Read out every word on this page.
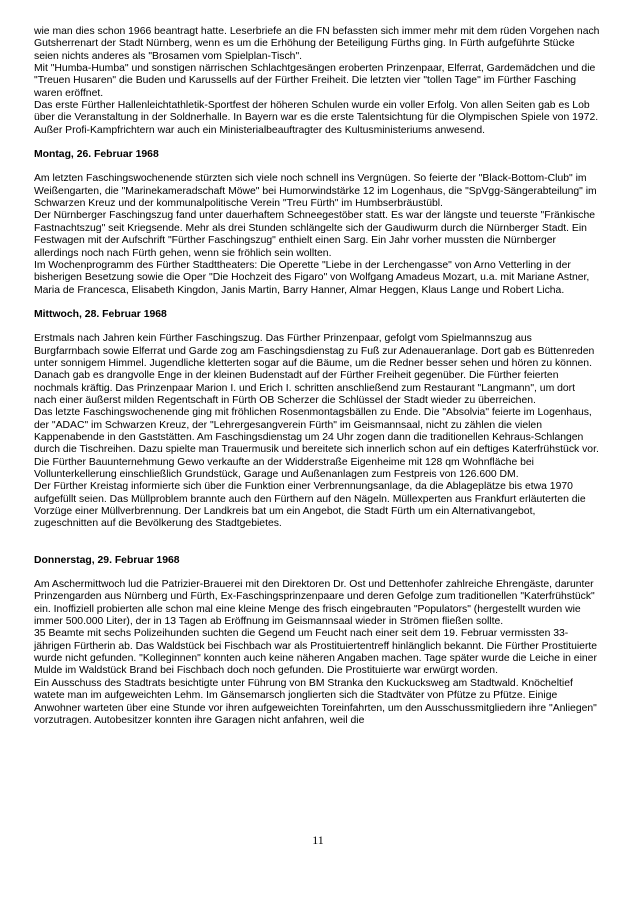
wie man dies schon 1966 beantragt hatte. Leserbriefe an die FN befassten sich immer mehr mit dem rüden Vorgehen nach Gutsherrenart der Stadt Nürnberg, wenn es um die Erhöhung der Beteiligung Fürths ging. In Fürth aufgeführte Stücke seien nichts anderes als "Brosamen vom Spielplan-Tisch".

Mit "Humba-Humba" und sonstigen närrischen Schlachtgesängen eroberten Prinzenpaar, Elferrat, Gardemädchen und die "Treuen Husaren" die Buden und Karussells auf der Fürther Freiheit. Die letzten vier "tollen Tage" im Fürther Fasching waren eröffnet.

Das erste Fürther Hallenleichtathletik-Sportfest der höheren Schulen wurde ein voller Erfolg. Von allen Seiten gab es Lob über die Veranstaltung in der Soldnerhalle. In Bayern war es die erste Talentsichtung für die Olympischen Spiele von 1972. Außer Profi-Kampfrichtern war auch ein Ministerialbeauftragter des Kultusministeriums anwesend.

Montag, 26. Februar 1968

Am letzten Faschingswochenende stürzten sich viele noch schnell ins Vergnügen. So feierte der "Black-Bottom-Club" im Weißengarten, die "Marinekameradschaft Möwe" bei Humorwindstärke 12 im Logenhaus, die "SpVgg-Sängerabteilung" im Schwarzen Kreuz und der kommunalpolitische Verein "Treu Fürth" im Humbserbräustübl.

Der Nürnberger Faschingszug fand unter dauerhaftem Schneegestöber statt. Es war der längste und teuerste "Fränkische Fastnachtszug" seit Kriegsende. Mehr als drei Stunden schlängelte sich der Gaudiwurm durch die Nürnberger Stadt. Ein Festwagen mit der Aufschrift "Fürther Faschingszug" enthielt einen Sarg. Ein Jahr vorher mussten die Nürnberger allerdings noch nach Fürth gehen, wenn sie fröhlich sein wollten.

Im Wochenprogramm des Fürther Stadttheaters: Die Operette "Liebe in der Lerchengasse" von Arno Vetterling in der bisherigen Besetzung sowie die Oper "Die Hochzeit des Figaro" von Wolfgang Amadeus Mozart, u.a. mit Mariane Astner, Maria de Francesca, Elisabeth Kingdon, Janis Martin, Barry Hanner, Almar Heggen, Klaus Lange und Robert Licha.

Mittwoch, 28. Februar 1968

Erstmals nach Jahren kein Fürther Faschingszug. Das Fürther Prinzenpaar, gefolgt vom Spielmannszug aus Burgfarrnbach sowie Elferrat und Garde zog am Faschingsdienstag zu Fuß zur Adenaueranlage. Dort gab es Büttenreden unter sonnigem Himmel. Jugendliche kletterten sogar auf die Bäume, um die Redner besser sehen und hören zu können. Danach gab es drangvolle Enge in der kleinen Budenstadt auf der Fürther Freiheit gegenüber. Die Fürther feierten nochmals kräftig. Das Prinzenpaar Marion I. und Erich I. schritten anschließend zum Restaurant "Langmann", um dort nach einer äußerst milden Regentschaft in Fürth OB Scherzer die Schlüssel der Stadt wieder zu überreichen.

Das letzte Faschingswochenende ging mit fröhlichen Rosenmontagsbällen zu Ende. Die "Absolvia" feierte im Logenhaus, der "ADAC" im Schwarzen Kreuz, der "Lehrergesangverein Fürth" im Geismannsaal, nicht zu zählen die vielen Kappenabende in den Gaststätten. Am Faschingsdienstag um 24 Uhr zogen dann die traditionellen Kehraus-Schlangen durch die Tischreihen. Dazu spielte man Trauermusik und bereitete sich innerlich schon auf ein deftiges Katerfrühstück vor.

Die Fürther Bauunternehmung Gewo verkaufte an der Widderstraße Eigenheime mit 128 qm Wohnfläche bei Vollunterkellerung einschließlich Grundstück, Garage und Außenanlagen zum Festpreis von 126.600 DM.

Der Fürther Kreistag informierte sich über die Funktion einer Verbrennungsanlage, da die Ablageplätze bis etwa 1970 aufgefüllt seien. Das Müllproblem brannte auch den Fürthern auf den Nägeln. Müllexperten aus Frankfurt erläuterten die Vorzüge einer Müllverbrennung. Der Landkreis bat um ein Angebot, die Stadt Fürth um ein Alternativangebot, zugeschnitten auf die Bevölkerung des Stadtgebietes.

Donnerstag, 29. Februar 1968

Am Aschermittwoch lud die Patrizier-Brauerei mit den Direktoren Dr. Ost und Dettenhofer zahlreiche Ehrengäste, darunter Prinzengarden aus Nürnberg und Fürth, Ex-Faschingsprinzenpaare und deren Gefolge zum traditionellen "Katerfrühstück" ein. Inoffiziell probierten alle schon mal eine kleine Menge des frisch eingebrauten "Populators" (hergestellt wurden wie immer 500.000 Liter), der in 13 Tagen ab Eröffnung im Geismannsaal wieder in Strömen fließen sollte.

35 Beamte mit sechs Polizeihunden suchten die Gegend um Feucht nach einer seit dem 19. Februar vermissten 33-jährigen Fürtherin ab. Das Waldstück bei Fischbach war als Prostituiertentreff hinlänglich bekannt. Die Fürther Prostituierte wurde nicht gefunden. "Kolleginnen" konnten auch keine näheren Angaben machen. Tage später wurde die Leiche in einer Mulde im Waldstück Brand bei Fischbach doch noch gefunden. Die Prostituierte war erwürgt worden.

Ein Ausschuss des Stadtrats besichtigte unter Führung von BM Stranka den Kuckucksweg am Stadtwald. Knöcheltief watete man im aufgeweichten Lehm. Im Gänsemarsch jonglierten sich die Stadtväter von Pfütze zu Pfütze. Einige Anwohner warteten über eine Stunde vor ihren aufgeweichten Toreinfahrten, um den Ausschussmitgliedern ihre "Anliegen" vorzutragen. Autobesitzer konnten ihre Garagen nicht anfahren, weil die

11
